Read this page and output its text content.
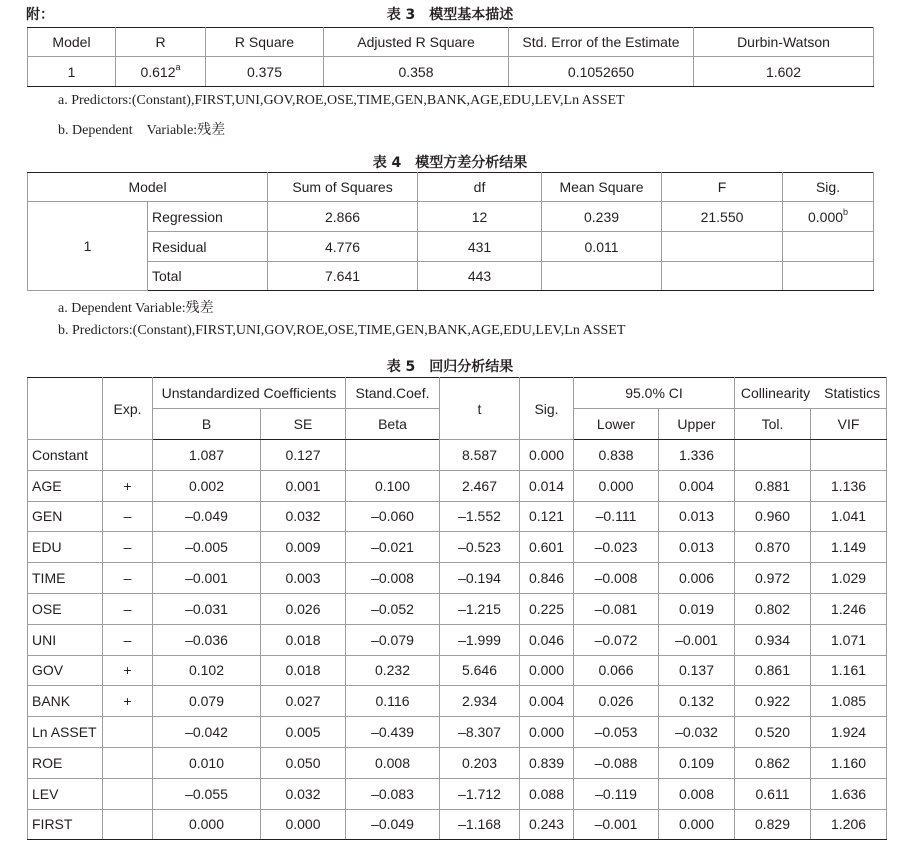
附：	表 3　模型基本描述
Model	R	R Square	Adjusted R Square	Std. Error of the Estimate	Durbin-Watson
1	0.612$^a$	0.375	0.358	0.1052650	1.602
a. Predictors:(Constant),FIRST,UNI,GOV,ROE,OSE,TIME,GEN,BANK,AGE,EDU,LEV,Ln ASSET
b. Dependent　Variable:残差
表 4　模型方差分析结果
Model		Sum of Squares	df	Mean Square	F	Sig.
1	Regression	2.866	12	0.239	21.550	0.000$^b$
	Residual	4.776	431	0.011		
	Total	7.641	443			
a. Dependent Variable:残差
b. Predictors:(Constant),FIRST,UNI,GOV,ROE,OSE,TIME,GEN,BANK,AGE,EDU,LEV,Ln ASSET
表 5　回归分析结果
	Exp.	Unstandardized Coefficients		Stand.Coef.	t	Sig.	95.0% CI		Collinearity　Statistics	
		B	SE	Beta			Lower	Upper	Tol.	VIF
Constant		1.087	0.127		8.587	0.000	0.838	1.336		
AGE	+	0.002	0.001	0.100	2.467	0.014	0.000	0.004	0.881	1.136
GEN	–	–0.049	0.032	–0.060	–1.552	0.121	–0.111	0.013	0.960	1.041
EDU	–	–0.005	0.009	–0.021	–0.523	0.601	–0.023	0.013	0.870	1.149
TIME	–	–0.001	0.003	–0.008	–0.194	0.846	–0.008	0.006	0.972	1.029
OSE	–	–0.031	0.026	–0.052	–1.215	0.225	–0.081	0.019	0.802	1.246
UNI	–	–0.036	0.018	–0.079	–1.999	0.046	–0.072	–0.001	0.934	1.071
GOV	+	0.102	0.018	0.232	5.646	0.000	0.066	0.137	0.861	1.161
BANK	+	0.079	0.027	0.116	2.934	0.004	0.026	0.132	0.922	1.085
Ln ASSET		–0.042	0.005	–0.439	–8.307	0.000	–0.053	–0.032	0.520	1.924
ROE		0.010	0.050	0.008	0.203	0.839	–0.088	0.109	0.862	1.160
LEV		–0.055	0.032	–0.083	–1.712	0.088	–0.119	0.008	0.611	1.636
FIRST		0.000	0.000	–0.049	–1.168	0.243	–0.001	0.000	0.829	1.206
